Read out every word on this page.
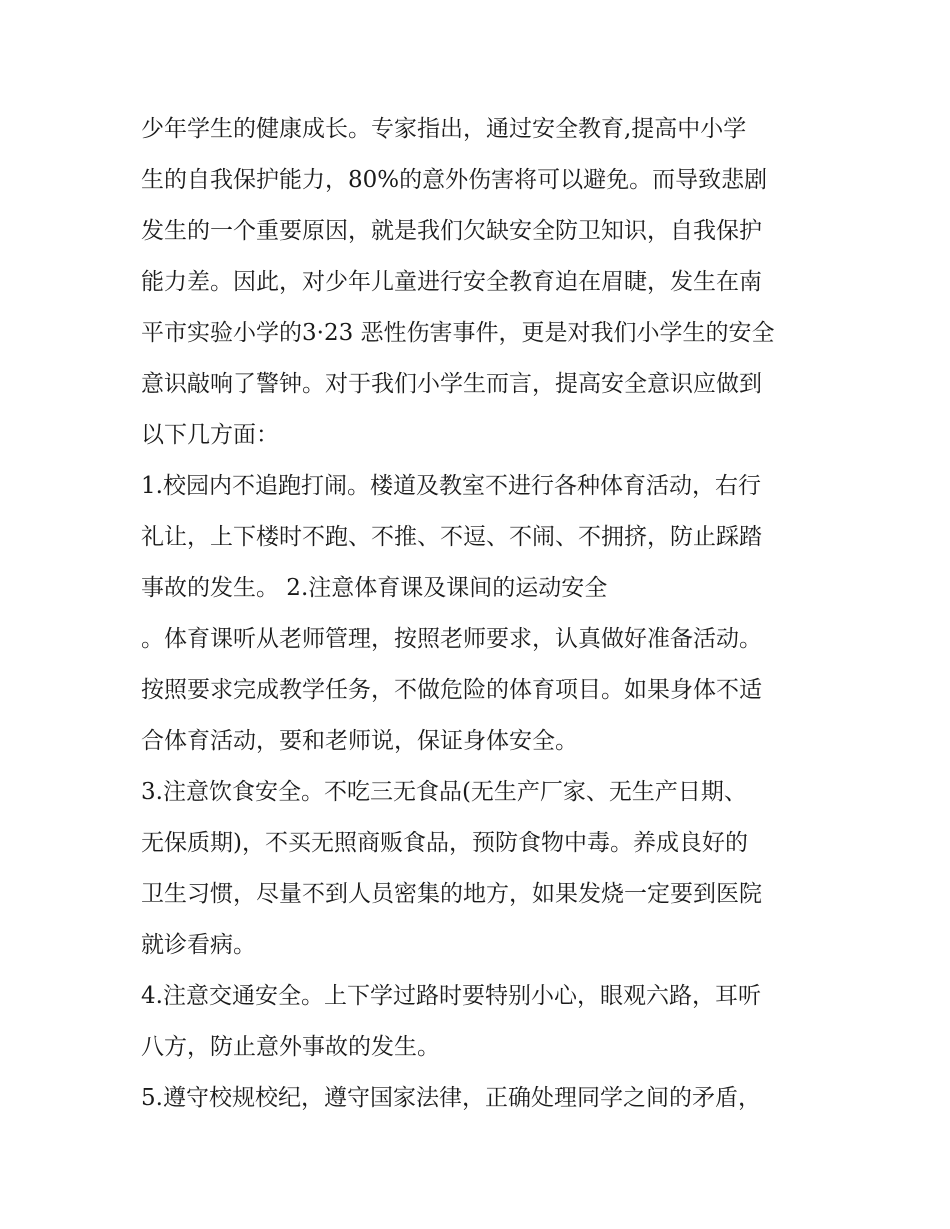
少年学生的健康成长。专家指出，通过安全教育,提高中小学
生的自我保护能力，80%的意外伤害将可以避免。而导致悲剧
发生的一个重要原因，就是我们欠缺安全防卫知识，自我保护
能力差。因此，对少年儿童进行安全教育迫在眉睫，发生在南
平市实验小学的3·23 恶性伤害事件，更是对我们小学生的安全
意识敲响了警钟。对于我们小学生而言，提高安全意识应做到
以下几方面：
1.校园内不追跑打闹。楼道及教室不进行各种体育活动，右行
礼让，上下楼时不跑、不推、不逗、不闹、不拥挤，防止踩踏
事故的发生。 2.注意体育课及课间的运动安全
。体育课听从老师管理，按照老师要求，认真做好准备活动。
按照要求完成教学任务，不做危险的体育项目。如果身体不适
合体育活动，要和老师说，保证身体安全。
3.注意饮食安全。不吃三无食品(无生产厂家、无生产日期、
无保质期)，不买无照商贩食品，预防食物中毒。养成良好的
卫生习惯，尽量不到人员密集的地方，如果发烧一定要到医院
就诊看病。
4.注意交通安全。上下学过路时要特别小心，眼观六路，耳听
八方，防止意外事故的发生。
5.遵守校规校纪，遵守国家法律，正确处理同学之间的矛盾，
